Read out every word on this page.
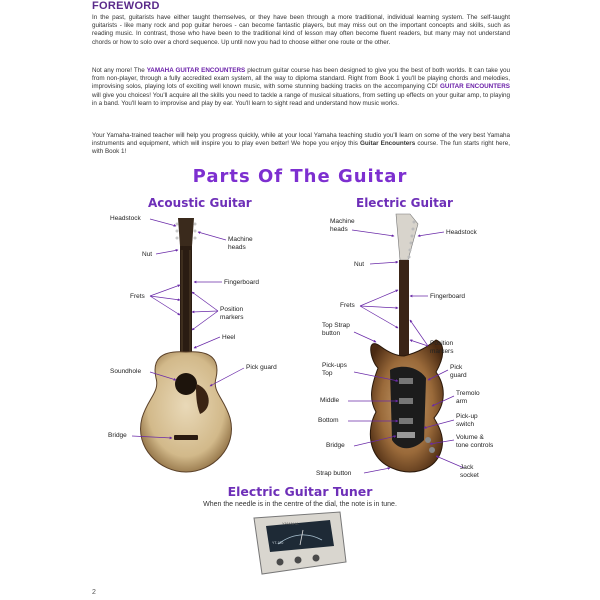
FOREWORD

In the past, guitarists have either taught themselves, or they have been through a more traditional, individual learning system. The self-taught guitarists - like many rock and pop guitar heroes - can become fantastic players, but may miss out on the important concepts and skills, such as reading music. In contrast, those who have been to the traditional kind of lesson may often become fluent readers, but many may not understand chords or how to solo over a chord sequence. Up until now you had to choose either one route or the other.

Not any more! The YAMAHA GUITAR ENCOUNTERS plectrum guitar course has been designed to give you the best of both worlds. It can take you from non-player, through a fully accredited exam system, all the way to diploma standard. Right from Book 1 you'll be playing chords and melodies, improvising solos, playing lots of exciting well known music, with some stunning backing tracks on the accompanying CD! GUITAR ENCOUNTERS will give you choices! You'll acquire all the skills you need to tackle a range of musical situations, from setting up effects on your guitar amp, to playing in a band. You'll learn to improvise and play by ear. You'll learn to sight read and understand how music works.

Your Yamaha-trained teacher will help you progress quickly, while at your local Yamaha teaching studio you'll learn on some of the very best Yamaha instruments and equipment, which will inspire you to play even better! We hope you enjoy this Guitar Encounters course. The fun starts right here, with Book 1!

Parts Of The Guitar
Acoustic Guitar	Electric Guitar
Headstock
Machine
heads
Nut
Fingerboard
Frets
Position
markers
Heel
Soundhole
Pick guard
Bridge
Machine
heads	Headstock
Nut
Fingerboard
Frets
Top Strap
button
Position
markers
Pick-ups
Top
Pick
guard
Tremolo
arm
Middle
Pick-up
switch
Bottom
Volume &
tone controls
Bridge
Jack
socket
Strap button
Electric Guitar Tuner
When the needle is in the centre of the dial, the note is in tune.
YAMAHA
YT-120
2
